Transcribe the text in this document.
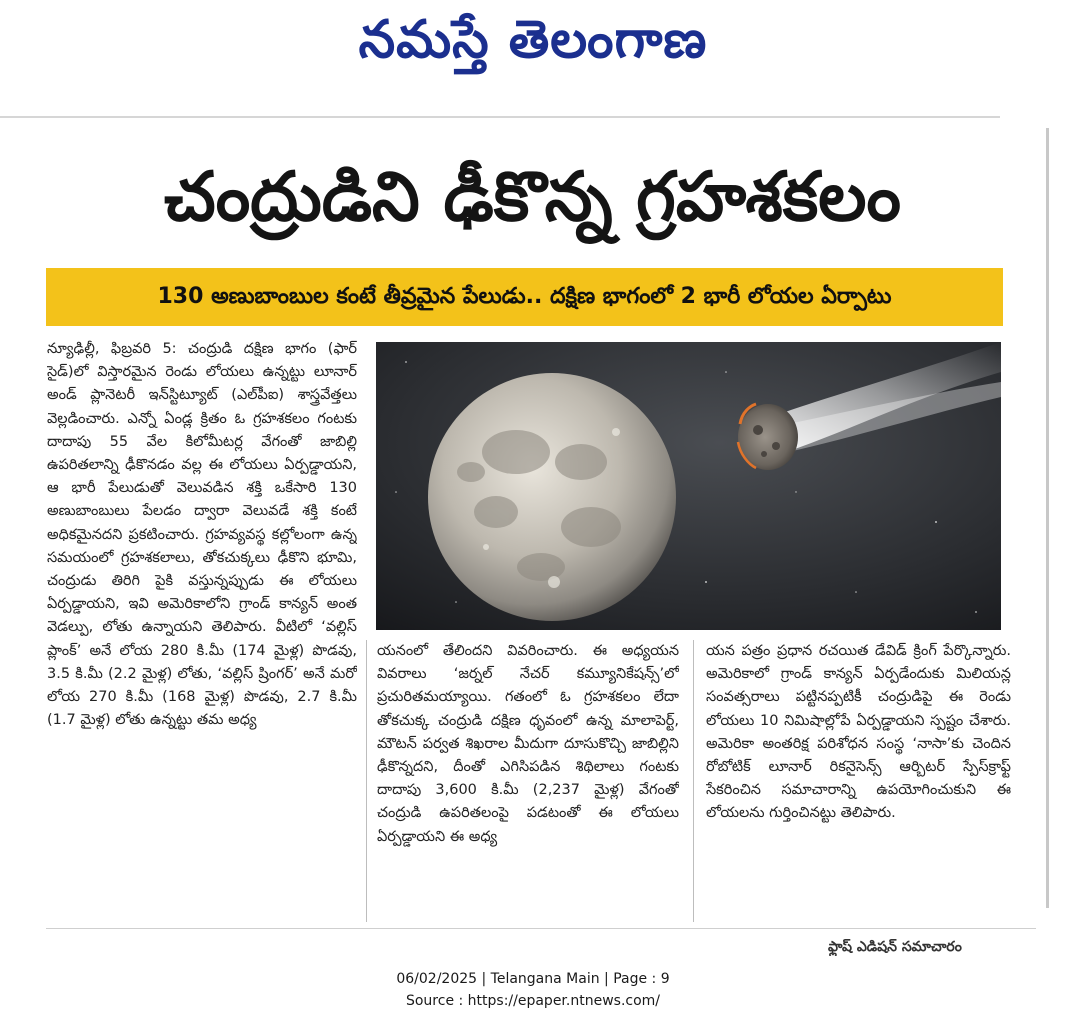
నమస్తే తెలంగాణ
చంద్రుడిని ఢీకొన్న గ్రహశకలం
130 అణుబాంబుల కంటే తీవ్రమైన పేలుడు.. దక్షిణ భాగంలో 2 భారీ లోయల ఏర్పాటు
న్యూఢిల్లీ, ఫిబ్రవరి 5: చంద్రుడి దక్షిణ భాగం (ఫార్ సైడ్)లో విస్తారమైన రెండు లోయలు ఉన్నట్టు లూనార్ అండ్ ప్లానెటరీ ఇన్‌స్టిట్యూట్ (ఎల్‌పీఐ) శాస్త్రవేత్తలు వెల్లడించారు. ఎన్నో ఏండ్ల క్రితం ఓ గ్రహశకలం గంటకు దాదాపు 55 వేల కిలోమీటర్ల వేగంతో జాబిల్లి ఉపరితలాన్ని ఢీకొనడం వల్ల ఈ లోయలు ఏర్పడ్డాయని, ఆ భారీ పేలుడుతో వెలువడిన శక్తి ఒకేసారి 130 అణుబాంబులు పేలడం ద్వారా వెలువడే శక్తి కంటే అధికమైనదని ప్రకటించారు. గ్రహవ్యవస్థ కల్లోలంగా ఉన్న సమయంలో గ్రహశకలాలు, తోకచుక్కలు ఢీకొని భూమి, చంద్రుడు తిరిగి పైకి వస్తున్నప్పుడు ఈ లోయలు ఏర్పడ్డాయని, ఇవి అమెరికాలోని గ్రాండ్ కాన్యన్ అంత వెడల్పు, లోతు ఉన్నాయని తెలిపారు. వీటిలో ‘వల్లిస్ ప్లాంక్’ అనే లోయ 280 కి.మీ (174 మైళ్ల) పొడవు, 3.5 కి.మీ (2.2 మైళ్ల) లోతు, ‘వల్లిస్ ష్రింగర్’ అనే మరో లోయ 270 కి.మీ (168 మైళ్ల) పొడవు, 2.7 కి.మీ (1.7 మైళ్ల) లోతు ఉన్నట్టు తమ అధ్య
యనంలో తేలిందని వివరించారు. ఈ అధ్యయన వివరాలు ‘జర్నల్ నేచర్ కమ్యూనికేషన్స్’లో ప్రచురితమయ్యాయి. గతంలో ఓ గ్రహశకలం లేదా తోకచుక్క చంద్రుడి దక్షిణ ధృవంలో ఉన్న మాలాపెర్ట్, మౌటన్ పర్వత శిఖరాల మీదుగా దూసుకొచ్చి జాబిల్లిని ఢీకొన్నదని, దీంతో ఎగిసిపడిన శిథిలాలు గంటకు దాదాపు 3,600 కి.మీ (2,237 మైళ్ల) వేగంతో చంద్రుడి ఉపరితలంపై పడటంతో ఈ లోయలు ఏర్పడ్డాయని ఈ అధ్య
యన పత్రం ప్రధాన రచయిత డేవిడ్ క్రింగ్ పేర్కొన్నారు. అమెరికాలో గ్రాండ్ కాన్యన్ ఏర్పడేందుకు మిలియన్ల సంవత్సరాలు పట్టినప్పటికీ చంద్రుడిపై ఈ రెండు లోయలు 10 నిమిషాల్లోపే ఏర్పడ్డాయని స్పష్టం చేశారు. అమెరికా అంతరిక్ష పరిశోధన సంస్థ ‘నాసా’కు చెందిన రోబోటిక్ లూనార్ రికనైసెన్స్ ఆర్బిటర్ స్పేస్‌క్రాఫ్ట్ సేకరించిన సమాచారాన్ని ఉపయోగించుకుని ఈ లోయలను గుర్తించినట్టు తెలిపారు.
ఫ్లాష్ ఎడిషన్ సమాచారం
06/02/2025 | Telangana Main | Page : 9
Source : https://epaper.ntnews.com/
